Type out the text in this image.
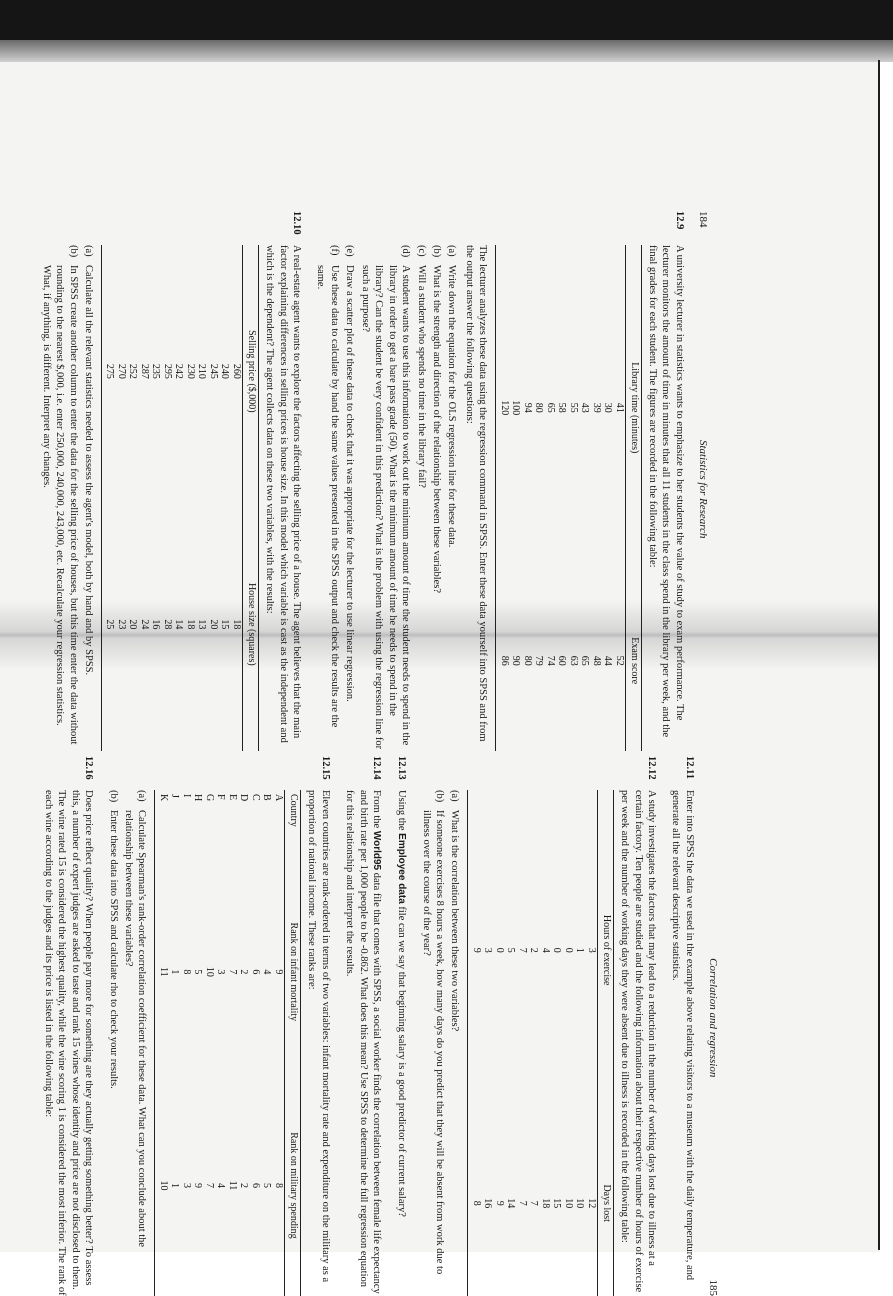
184
Statistics for Research
12.9

A university lecturer in statistics wants to emphasize to her students the value of study to exam performance. The lecturer monitors the amount of time in minutes that all 11 students in the class spend in the library per week, and the final grades for each student. The figures are recorded in the following table:

Library time (minutes)	Exam score
41	52
30	44
39	48
43	65
55	63
58	60
65	74
80	79
94	80
100	90
120	86

The lecturer analyzes these data using the regression command in SPSS. Enter these data yourself into SPSS and from the output answer the following questions:

(a)
Write down the equation for the OLS regression line for these data.
(b)
What is the strength and direction of the relationship between these variables?
(c)
Will a student who spends no time in the library fail?
(d)
A student wants to use this information to work out the minimum amount of time the student needs to spend in the library in order to get a bare pass grade (50). What is the minimum amount of time he needs to spend in the library? Can the student be very confident in this prediction? What is the problem with using the regression line for such a purpose?
(e)
Draw a scatter plot of these data to check that it was appropriate for the lecturer to use linear regression.
(f)
Use these data to calculate by hand the same values presented in the SPSS output and check the results are the same.
12.10

A real-estate agent wants to explore the factors affecting the selling price of a house. The agent believes that the main factor explaining differences in selling prices is house size. In this model which variable is cast as the independent and which is the dependent? The agent collects data on these two variables, with the results:

Selling price ($,000)	House size (squares)
260	18
240	15
245	20
210	13
230	18
242	14
295	28
235	16
287	24
252	20
270	23
275	25
(a)
Calculate all the relevant statistics needed to assess the agent's model, both by hand and by SPSS.
(b)
In SPSS create another column to enter the data for the selling price of houses, but this time enter the data without rounding to the nearest $,000, i.e. enter 250,000, 240,000, 243,000, etc. Recalculate your regression statistics. What, if anything, is different. Interpret any changes.
Correlation and regression
185
12.11

Enter into SPSS the data we used in the example above relating visitors to a museum with the daily temperature, and generate all the relevant descriptive statistics.

12.12

A study investigates the factors that may lead to a reduction in the number of working days lost due to illness at a certain factory. Ten people are studied and the following information about their respective number of hours of exercise per week and the number of working days they were absent due to illness is recorded in the following table:

Hours of exercise	Days lost
3	12
1	10
0	10
0	15
4	18
2	7
7	7
5	14
0	9
3	16
9	8
(a)
What is the correlation between these two variables?
(b)
If someone exercises 8 hours a week, how many days do you predict that they will be absent from work due to illness over the course of the year?
12.13

Using the Employee data file can we say that beginning salary is a good predictor of current salary?

12.14

From the World95 data file that comes with SPSS, a social worker finds the correlation between female life expectancy and birth rate per 1,000 people to be -0.862. What does this mean? Use SPSS to determine the full regression equation for this relationship and interpret the results.

12.15

Eleven countries are rank-ordered in terms of two variables: infant mortality rate and expenditure on the military as a proportion of national income. These ranks are:

Country	Rank on infant mortality	Rank on military spending
A	9	8
B	4	5
C	6	6
D	2	2
E	7	11
F	3	4
G	10	7
H	5	9
I	8	3
J	1	1
K	11	10
(a)
Calculate Spearman's rank-order correlation coefficient for these data. What can you conclude about the relationship between these variables?
(b)
Enter these data into SPSS and calculate rho to check your results.
12.16

Does price reflect quality? When people pay more for something are they actually getting something better? To assess this, a number of expert judges are asked to taste and rank 15 wines whose identity and price are not disclosed to them. The wine rated 15 is considered the highest quality, while the wine scoring 1 is considered the most inferior. The rank of each wine according to the judges and its price is listed in the following table:
